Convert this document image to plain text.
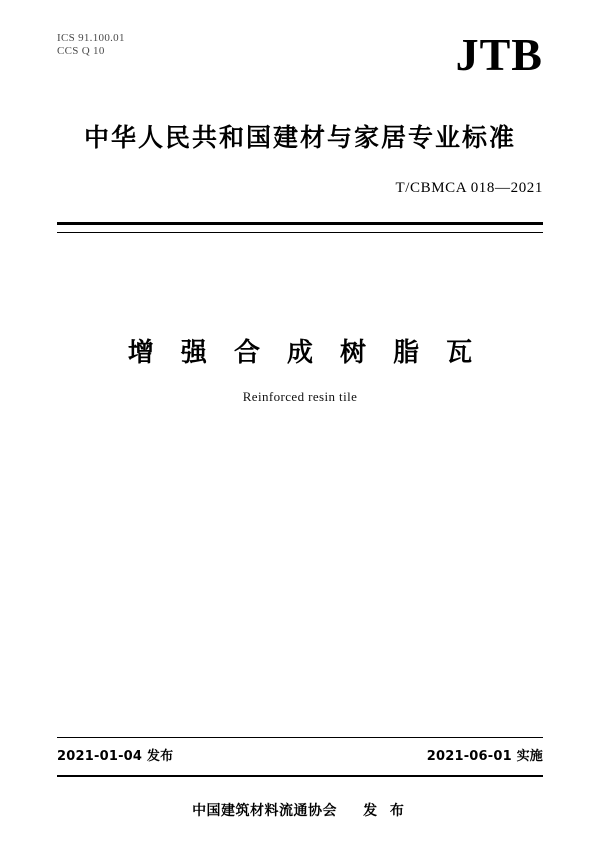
ICS 91.100.01
CCS Q 10	JTB
中华人民共和国建材与家居专业标准
T/CBMCA 018—2021
增 强 合 成 树 脂 瓦
Reinforced resin tile
2021-01-04 发布	2021-06-01 实施
中国建筑材料流通协会 发 布
